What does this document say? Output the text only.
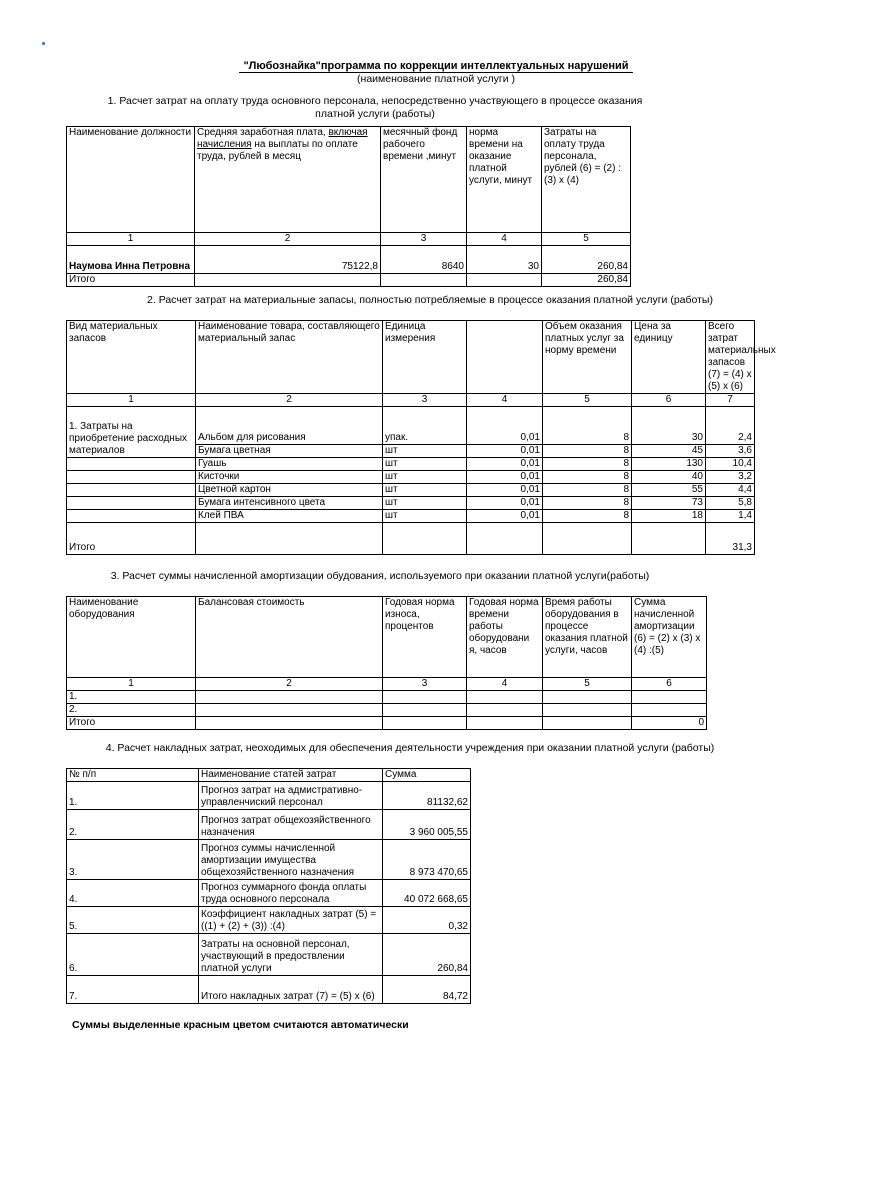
"Любознайка"программа по коррекции интеллектуальных нарушений
(наименование платной услуги )
1. Расчет затрат на оплату труда основного персонала, непосредственно участвующего в процессе оказания
платной услуги (работы)
Наименование должности	Средняя заработная плата, включая начисления на выплаты по оплате труда, рублей в месяц	месячный фонд рабочего времени ,минут	норма времени на оказание платной услуги, минут	Затраты на оплату труда персонала, рублей (6) = (2) : (3) х (4)
1	2	3	4	5
Наумова Инна Петровна	75122,8	8640	30	260,84
Итого				260,84
2. Расчет затрат на материальные запасы, полностью потребляемые в процессе оказания платной услуги (работы)
Вид материальных запасов	Наименование товара, составляющего материальный запас	Единица измерения		Объем оказания платных услуг за норму времени	Цена за единицу	Всего затрат материальных запасов (7) = (4) х (5) х (6)
1	2	3	4	5	6	7
1. Затраты на приобретение расходных материалов	Альбом для рисования	упак.	0,01	8	30	2,4
	Бумага цветная	шт	0,01	8	45	3,6
	Гуашь	шт	0,01	8	130	10,4
	Кисточки	шт	0,01	8	40	3,2
	Цветной картон	шт	0,01	8	55	4,4
	Бумага интенсивного цвета	шт	0,01	8	73	5,8
	Клей ПВА	шт	0,01	8	18	1,4
Итого						31,3
3. Расчет суммы начисленной амортизации обудования, используемого при оказании платной услуги(работы)
Наименование оборудования	Балансовая стоимость	Годовая норма износа, процентов	Годовая норма времени работы оборудовани я, часов	Время работы оборудования в процессе оказания платной услуги, часов	Сумма начисленной амортизации (6) = (2) х (3) х (4) :(5)
1	2	3	4	5	6
1.					
2.					
Итого					0
4. Расчет накладных затрат, неоходимых для обеспечения деятельности учреждения при оказании платной услуги (работы)
№ п/п	Наименование статей затрат	Сумма
1.	Прогноз затрат на адмистративно-управленчиский персонал	81132,62
2.	Прогноз затрат общехозяйственного назначения	3 960 005,55
3.	Прогноз суммы начисленной амортизации имущества общехозяйственного назначения	8 973 470,65
4.	Прогноз суммарного фонда оплаты труда основного персонала	40 072 668,65
5.	Коэффициент накладных затрат (5) = ((1) + (2) + (3)) :(4)	0,32
6.	Затраты на основной персонал, участвующий в предоствлении платной услуги	260,84
7.	Итого накладных затрат (7) = (5) х (6)	84,72
Суммы выделенные красным цветом считаются автоматически
